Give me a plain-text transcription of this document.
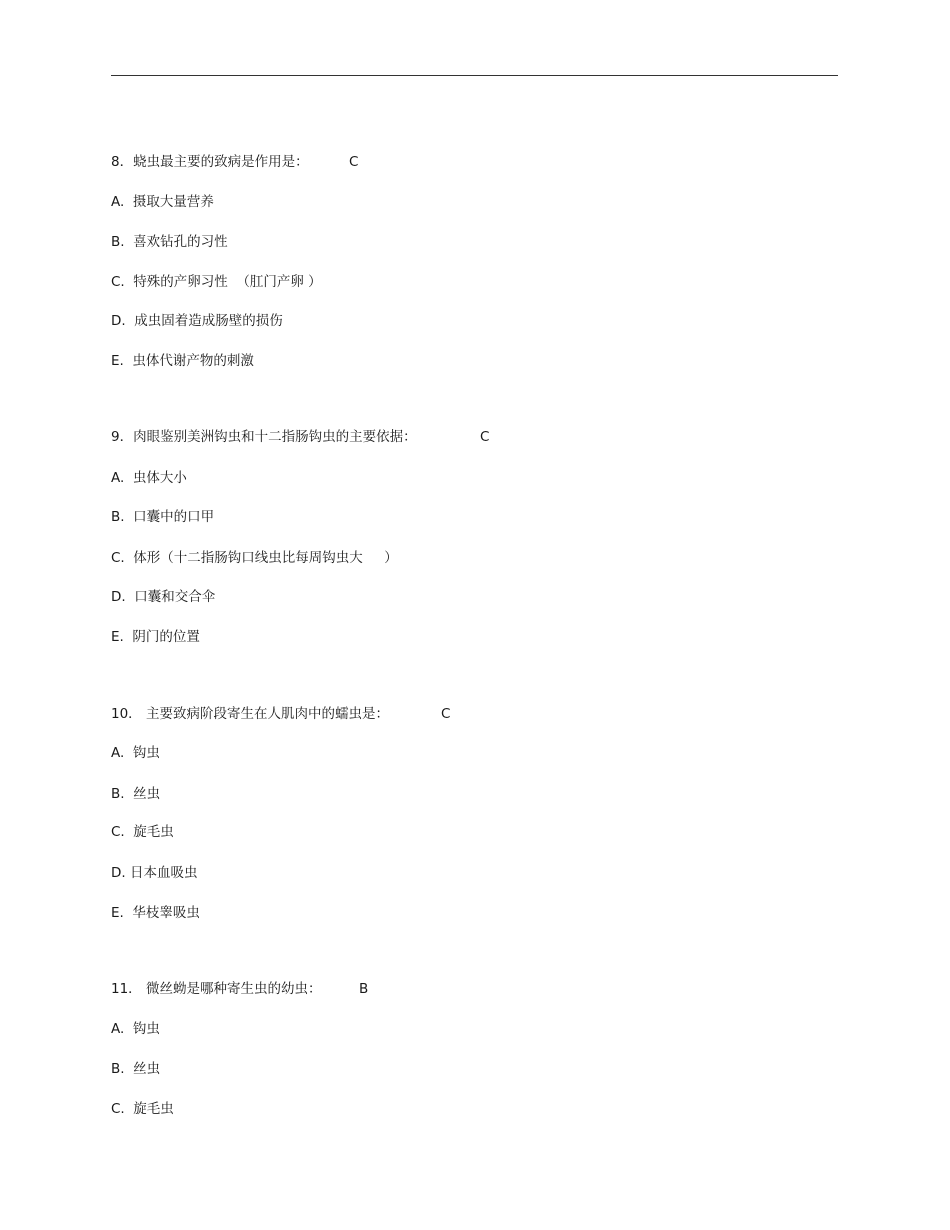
8．蛲虫最主要的致病是作用是：	C
A.  摄取大量营养
B.  喜欢钻孔的习性
C.  特殊的产卵习性  （肛门产卵 ）
D.  成虫固着造成肠壁的损伤
E.  虫体代谢产物的刺激
9．肉眼鉴别美洲钩虫和十二指肠钩虫的主要依据：	C
A.  虫体大小
B.  口囊中的口甲
C.  体形（十二指肠钩口线虫比每周钩虫大     ）
D.  口囊和交合伞
E.  阴门的位置
10． 主要致病阶段寄生在人肌肉中的蠕虫是：	C
A.  钩虫
B.  丝虫
C.  旋毛虫
D. 日本血吸虫
E.  华枝睾吸虫
11． 微丝蚴是哪种寄生虫的幼虫：	B
A.  钩虫
B.  丝虫
C.  旋毛虫
